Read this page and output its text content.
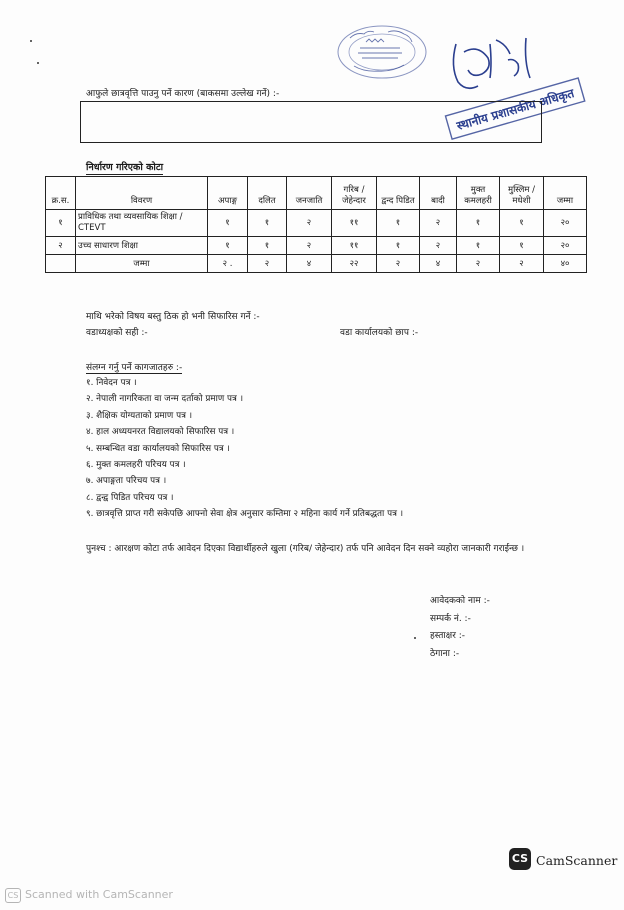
स्थानीय प्रशासकीय अधिकृत
आफुले छात्रवृत्ति पाउनु पर्ने कारण (बाकसमा उल्लेख गर्ने) :-
निर्धारण गरिएको कोटा
क्र.स.	विवरण	अपाङ्ग	दलित	जनजाति	गरिब / जेहेन्दार	द्वन्द पिडित	बादी	मुक्त कमलहरी	मुस्लिम /मधेशी	जम्मा
१	प्राविधिक तथा व्यवसायिक शिक्षा / CTEVT	१	१	२	११	१	२	१	१	२०
२	उच्च साधारण शिक्षा	१	१	२	११	१	२	१	१	२०
	जम्मा	२ .	२	४	२२	२	४	२	२	४०
माथि भरेको विषय बस्तु ठिक हो भनी सिफारिस गर्ने :-
वडाध्यक्षको सही :-	वडा कार्यालयको छाप :-
संलग्न गर्नु पर्ने कागजातहरु :-
१. निवेदन पत्र ।
२. नेपाली नागरिकता वा जन्म दर्ताको प्रमाण पत्र ।
३. शैक्षिक योग्यताको प्रमाण पत्र ।
४. हाल अध्ययनरत विद्यालयको सिफारिस पत्र ।
५. सम्बन्धित वडा कार्यालयको सिफारिस पत्र ।
६. मुक्त कमलहरी परिचय पत्र ।
७. अपाङ्गता परिचय पत्र ।
८. द्वन्द्व पिडित परिचय पत्र ।
९. छात्रवृत्ति प्राप्त गरी सकेपछि आफ्नो सेवा क्षेत्र अनुसार कम्तिमा २ महिना कार्य गर्ने प्रतिबद्धता पत्र ।
पुनश्च : आरक्षण कोटा तर्फ आवेदन दिएका विद्यार्थीहरुले खुला (गरिब/ जेहेन्दार) तर्फ पनि आवेदन दिन सक्ने व्यहोरा जानकारी गराईन्छ ।
आवेदकको नाम :-
सम्पर्क नं. :-
हस्ताक्षर :-
ठेगाना :-
CS CamScanner
CS Scanned with CamScanner
